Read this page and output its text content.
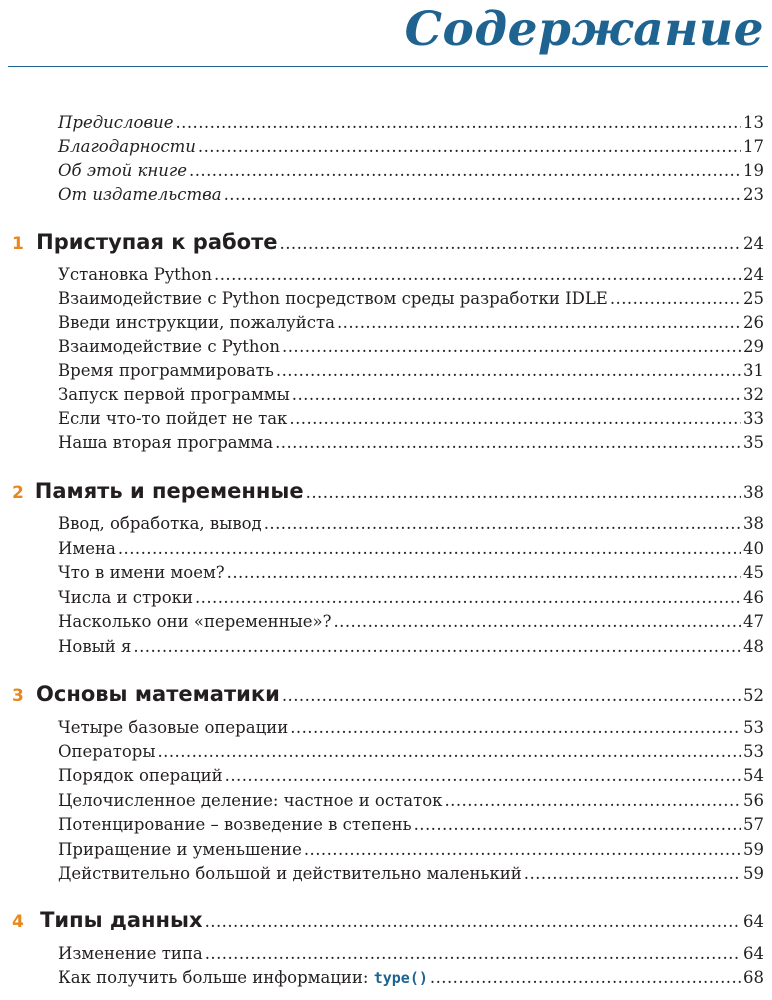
Содержание
Предисловие . . .	13
Благодарности . . .	17
Об этой книге . . .	19
От издательства . . .	23
1 Приступая к работе . . .	24
Установка Python . . .	24
Взаимодействие с Python посредством среды разработки IDLE . . .	25
Введи инструкции, пожалуйста . . .	26
Взаимодействие с Python . . .	29
Время программировать . . .	31
Запуск первой программы . . .	32
Если что-то пойдет не так . . .	33
Наша вторая программа . . .	35
2 Память и переменные . . .	38
Ввод, обработка, вывод . . .	38
Имена . . .	40
Что в имени моем? . . .	45
Числа и строки . . .	46
Насколько они «переменные»? . . .	47
Новый я . . .	48
3 Основы математики . . .	52
Четыре базовые операции . . .	53
Операторы . . .	53
Порядок операций . . .	54
Целочисленное деление: частное и остаток . . .	56
Потенцирование – возведение в степень . . .	57
Приращение и уменьшение . . .	59
Действительно большой и действительно маленький . . .	59
4 Типы данных . . .	64
Изменение типа . . .	64
Как получить больше информации: type() . . .	68
